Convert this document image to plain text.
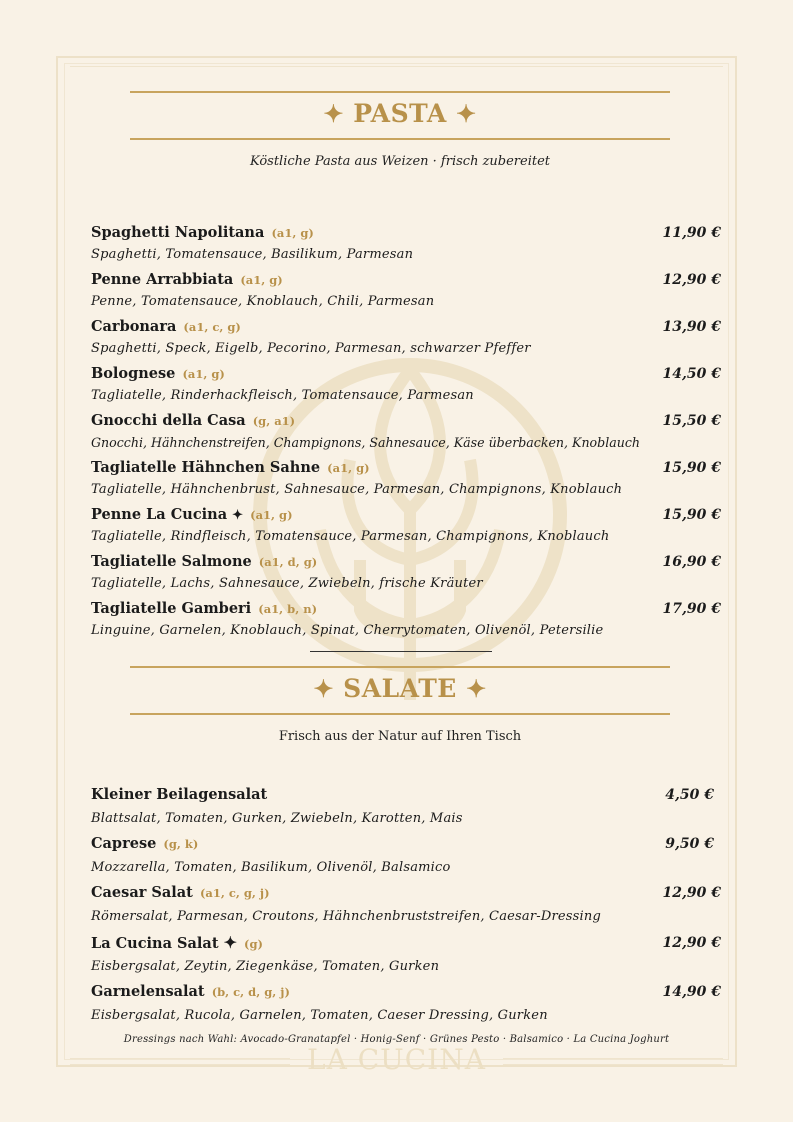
✦ PASTA ✦
Köstliche Pasta aus Weizen · frisch zubereitet
Spaghetti Napolitana (a1, g)
Spaghetti, Tomatensauce, Basilikum, Parmesan
11,90 €
Penne Arrabbiata (a1, g)
Penne, Tomatensauce, Knoblauch, Chili, Parmesan
12,90 €
Carbonara (a1, c, g)
Spaghetti, Speck, Eigelb, Pecorino, Parmesan, schwarzer Pfeffer
13,90 €
Bolognese (a1, g)
Tagliatelle, Rinderhackfleisch, Tomatensauce, Parmesan
14,50 €
Gnocchi della Casa (g, a1)
Gnocchi, Hähnchenstreifen, Champignons, Sahnesauce, Käse überbacken, Knoblauch
15,50 €
Tagliatelle Hähnchen Sahne (a1, g)
Tagliatelle, Hähnchenbrust, Sahnesauce, Parmesan, Champignons, Knoblauch
15,90 €
Penne La Cucina ✦ (a1, g)
Tagliatelle, Rindfleisch, Tomatensauce, Parmesan, Champignons, Knoblauch
15,90 €
Tagliatelle Salmone (a1, d, g)
Tagliatelle, Lachs, Sahnesauce, Zwiebeln, frische Kräuter
16,90 €
Tagliatelle Gamberi (a1, b, n)
Linguine, Garnelen, Knoblauch, Spinat, Cherrytomaten, Olivenöl, Petersilie
17,90 €
✦ SALATE ✦
Frisch aus der Natur auf Ihren Tisch
Kleiner Beilagensalat
Blattsalat, Tomaten, Gurken, Zwiebeln, Karotten, Mais
4,50 €
Caprese (g, k)
Mozzarella, Tomaten, Basilikum, Olivenöl, Balsamico
9,50 €
Caesar Salat (a1, c, g, j)
Römersalat, Parmesan, Croutons, Hähnchenbruststreifen, Caesar-Dressing
12,90 €
La Cucina Salat ✦ (g)
Eisbergsalat, Zeytin, Ziegenkäse, Tomaten, Gurken
12,90 €
Garnelensalat (b, c, d, g, j)
Eisbergsalat, Rucola, Garnelen, Tomaten, Caeser Dressing, Gurken
14,90 €
Dressings nach Wahl: Avocado-Granatapfel · Honig-Senf · Grünes Pesto · Balsamico · La Cucina Joghurt
LA CUCINA
